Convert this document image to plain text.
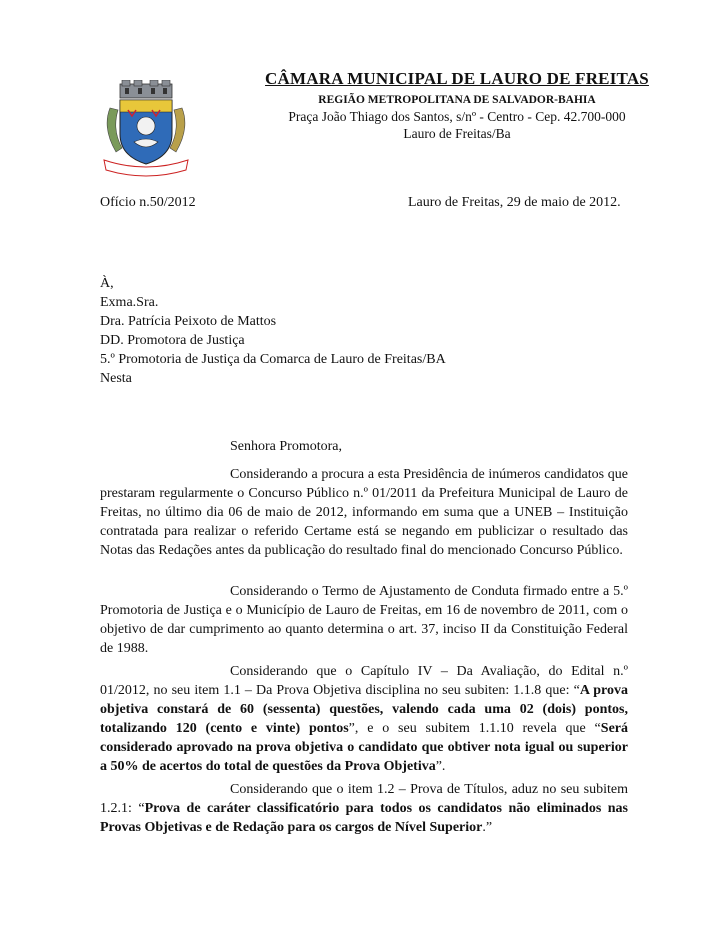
CÂMARA MUNICIPAL DE LAURO DE FREITAS
REGIÃO METROPOLITANA DE SALVADOR-BAHIA
Praça João Thiago dos Santos, s/nº - Centro - Cep. 42.700-000
Lauro de Freitas/Ba
Ofício n.50/2012	Lauro de Freitas, 29 de maio de 2012.
À,
Exma.Sra.
Dra. Patrícia Peixoto de Mattos
DD. Promotora de Justiça
5.º Promotoria de Justiça da Comarca de Lauro de Freitas/BA
Nesta
Senhora Promotora,
Considerando a procura a esta Presidência de inúmeros candidatos que prestaram regularmente o Concurso Público n.º 01/2011 da Prefeitura Municipal de Lauro de Freitas, no último dia 06 de maio de 2012, informando em suma que a UNEB – Instituição contratada para realizar o referido Certame está se negando em publicizar o resultado das Notas das Redações antes da publicação do resultado final do mencionado Concurso Público.
Considerando o Termo de Ajustamento de Conduta firmado entre a 5.º Promotoria de Justiça e o Município de Lauro de Freitas, em 16 de novembro de 2011, com o objetivo de dar cumprimento ao quanto determina o art. 37, inciso II da Constituição Federal de 1988.
Considerando que o Capítulo IV – Da Avaliação, do Edital n.º 01/2012, no seu item 1.1 – Da Prova Objetiva disciplina no seu subiten: 1.1.8 que: “A prova objetiva constará de 60 (sessenta) questões, valendo cada uma 02 (dois) pontos, totalizando 120 (cento e vinte) pontos”, e o seu subitem 1.1.10 revela que “Será considerado aprovado na prova objetiva o candidato que obtiver nota igual ou superior a 50% de acertos do total de questões da Prova Objetiva”.
Considerando que o item 1.2 – Prova de Títulos, aduz no seu subitem 1.2.1: “Prova de caráter classificatório para todos os candidatos não eliminados nas Provas Objetivas e de Redação para os cargos de Nível Superior.”
